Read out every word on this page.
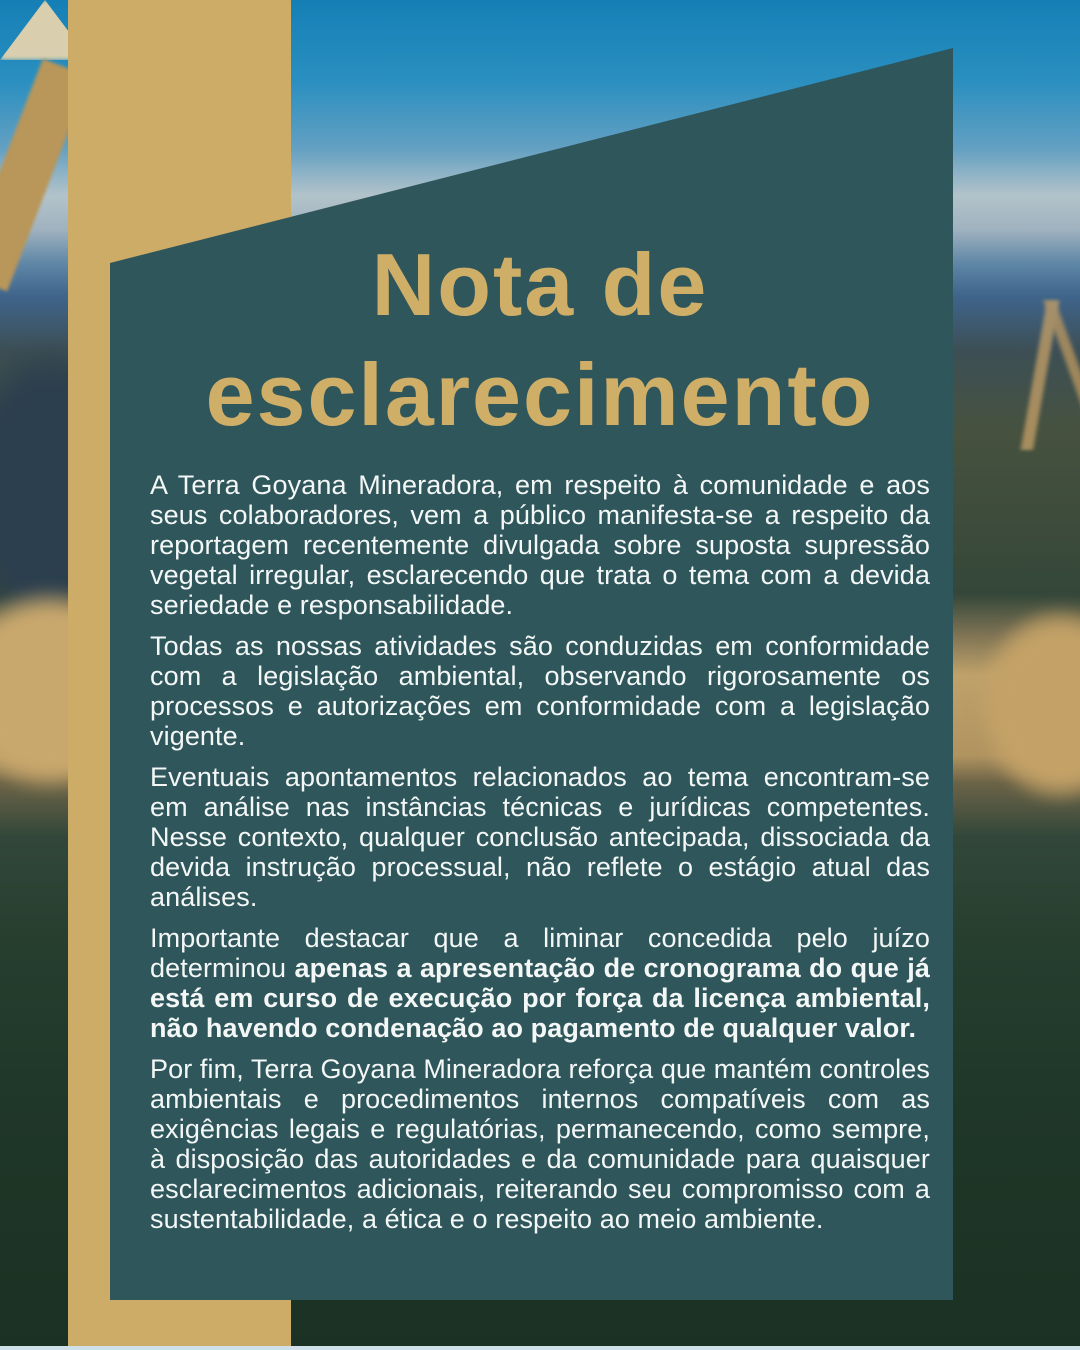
Nota de
esclarecimento

A Terra Goyana Mineradora, em respeito à comunidade e aos seus colaboradores, vem a público manifesta-se a respeito da reportagem recentemente divulgada sobre suposta supressão vegetal irregular, esclarecendo que trata o tema com a devida seriedade e responsabilidade.

Todas as nossas atividades são conduzidas em conformidade com a legislação ambiental, observando rigorosamente os processos e autorizações em conformidade com a legislação vigente.

Eventuais apontamentos relacionados ao tema encontram-se em análise nas instâncias técnicas e jurídicas competentes. Nesse contexto, qualquer conclusão antecipada, dissociada da devida instrução processual, não reflete o estágio atual das análises.

Importante destacar que a liminar concedida pelo juízo determinou apenas a apresentação de cronograma do que já está em curso de execução por força da licença ambiental, não havendo condenação ao pagamento de qualquer valor.

Por fim, Terra Goyana Mineradora reforça que mantém controles ambientais e procedimentos internos compatíveis com as exigências legais e regulatórias, permanecendo, como sempre, à disposição das autoridades e da comunidade para quaisquer esclarecimentos adicionais, reiterando seu compromisso com a sustentabilidade, a ética e o respeito ao meio ambiente.
